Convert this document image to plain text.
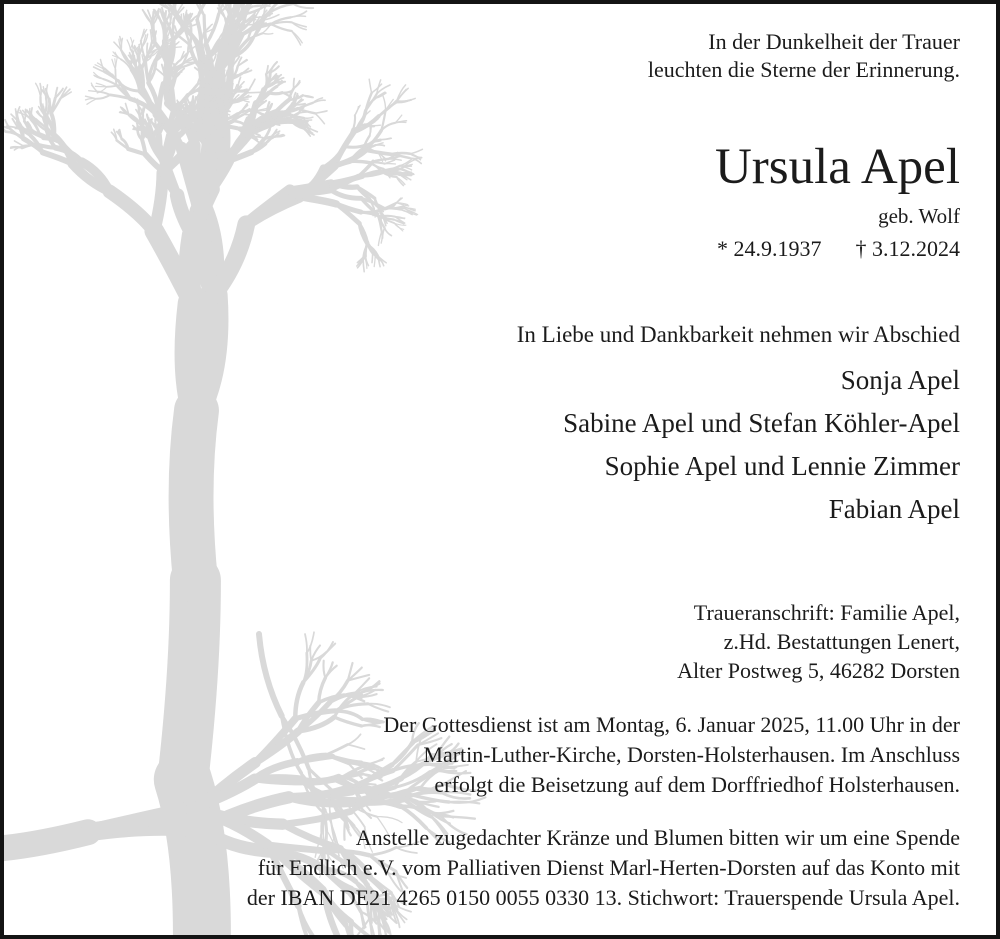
In der Dunkelheit der Trauer
leuchten die Sterne der Erinnerung.
Ursula Apel
geb. Wolf
* 24.9.1937 † 3.12.2024
In Liebe und Dankbarkeit nehmen wir Abschied
Sonja Apel
Sabine Apel und Stefan Köhler-Apel
Sophie Apel und Lennie Zimmer
Fabian Apel
Traueranschrift: Familie Apel,
z.Hd. Bestattungen Lenert,
Alter Postweg 5, 46282 Dorsten
Der Gottesdienst ist am Montag, 6. Januar 2025, 11.00 Uhr in der
Martin-Luther-Kirche, Dorsten-Holsterhausen. Im Anschluss
erfolgt die Beisetzung auf dem Dorffriedhof Holsterhausen.
Anstelle zugedachter Kränze und Blumen bitten wir um eine Spende
für Endlich e.V. vom Palliativen Dienst Marl-Herten-Dorsten auf das Konto mit
der IBAN DE21 4265 0150 0055 0330 13. Stichwort: Trauerspende Ursula Apel.
